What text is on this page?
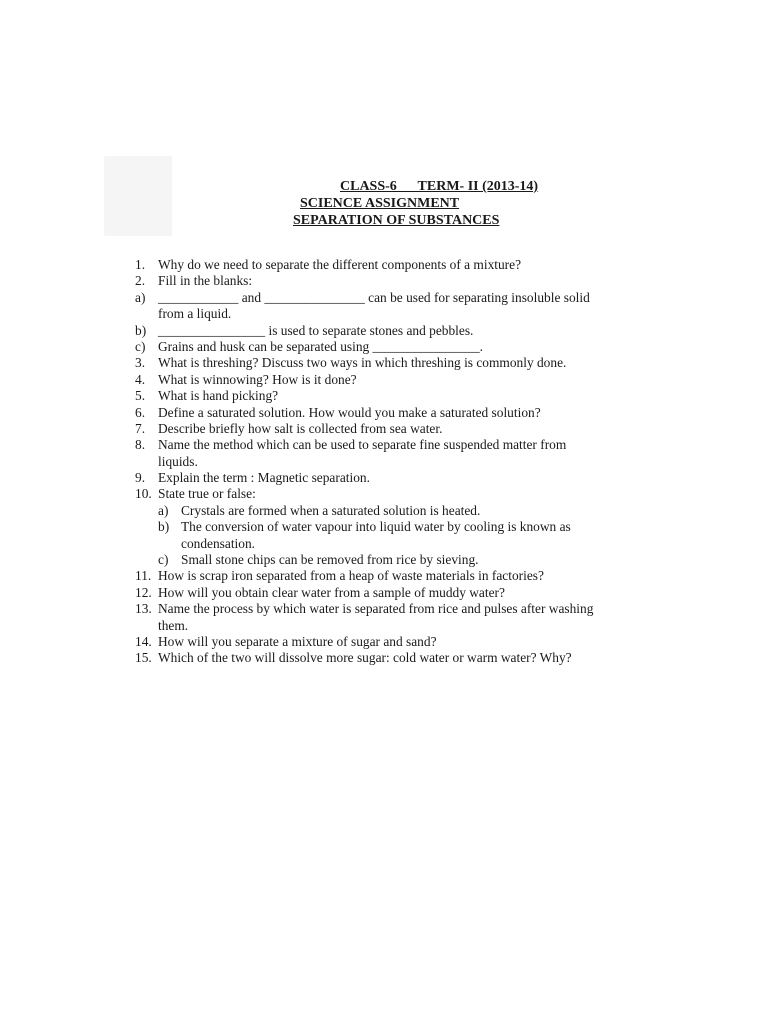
CLASS-6      TERM- II (2013-14)
SCIENCE ASSIGNMENT
SEPARATION OF SUBSTANCES
1. Why do we need to separate the different components of a mixture?
2. Fill in the blanks:
a) ____________ and _______________ can be used for separating insoluble solid
from a liquid.
b) ________________ is used to separate stones and pebbles.
c) Grains and husk can be separated using ________________.
3. What is threshing? Discuss two ways in which threshing is commonly done.
4. What is winnowing? How is it done?
5. What is hand picking?
6. Define a saturated solution. How would you make a saturated solution?
7. Describe briefly how salt is collected from sea water.
8. Name the method which can be used to separate fine suspended matter from
liquids.
9. Explain the term : Magnetic separation.
10. State true or false:
a) Crystals are formed when a saturated solution is heated.
b) The conversion of water vapour into liquid water by cooling is known as
condensation.
c) Small stone chips can be removed from rice by sieving.
11. How is scrap iron separated from a heap of waste materials in factories?
12. How will you obtain clear water from a sample of muddy water?
13. Name the process by which water is separated from rice and pulses after washing
them.
14. How will you separate a mixture of sugar and sand?
15. Which of the two will dissolve more sugar: cold water or warm water? Why?
